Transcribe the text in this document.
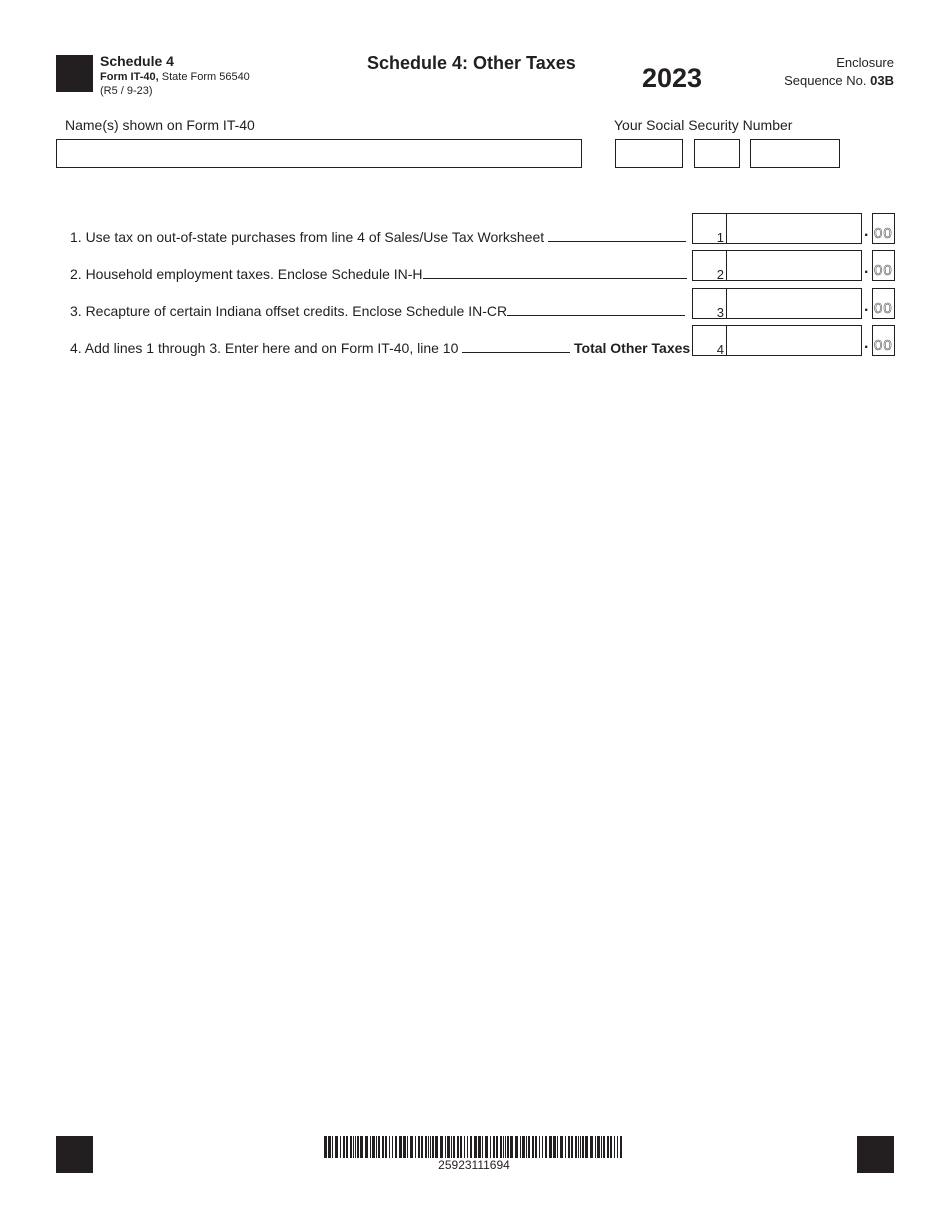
Schedule 4
Form IT-40, State Form 56540
(R5 / 9-23)
Schedule 4: Other Taxes 2023
Enclosure
Sequence No. 03B
Name(s) shown on Form IT-40	Your Social Security Number
1. Use tax on out-of-state purchases from line 4 of Sales/Use Tax Worksheet	1	. 00
2. Household employment taxes. Enclose Schedule IN-H	2	. 00
3. Recapture of certain Indiana offset credits. Enclose Schedule IN-CR	3	. 00
4. Add lines 1 through 3. Enter here and on Form IT-40, line 10	Total Other Taxes 4	. 00
25923111694
